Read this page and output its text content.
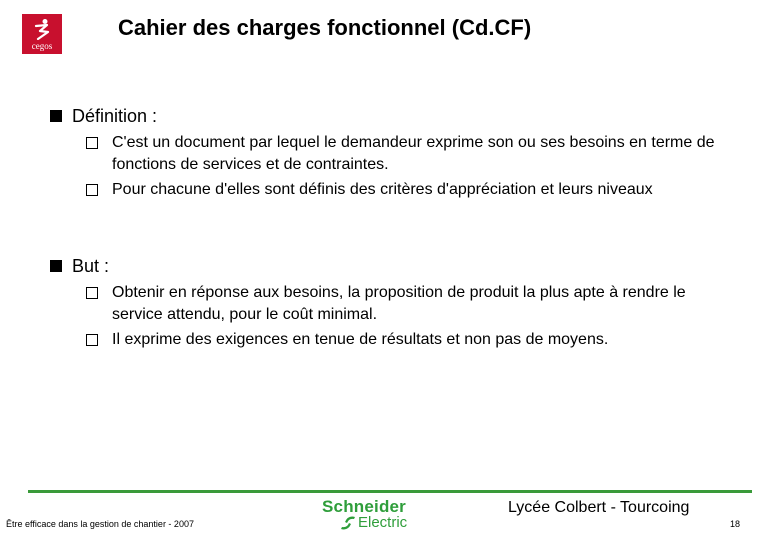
cegos
Cahier des charges fonctionnel (Cd.CF)
Définition :
C'est un document par lequel le demandeur exprime son ou ses besoins en terme de fonctions de services et de contraintes.
Pour chacune d'elles sont définis des critères d'appréciation et leurs niveaux
But :
Obtenir en réponse aux besoins, la proposition de produit la plus apte à rendre le service attendu, pour le coût minimal.
Il exprime des exigences en tenue de résultats et non pas de moyens.
Schneider
Electric
Lycée Colbert - Tourcoing
Être efficace dans la gestion de chantier - 2007	18
